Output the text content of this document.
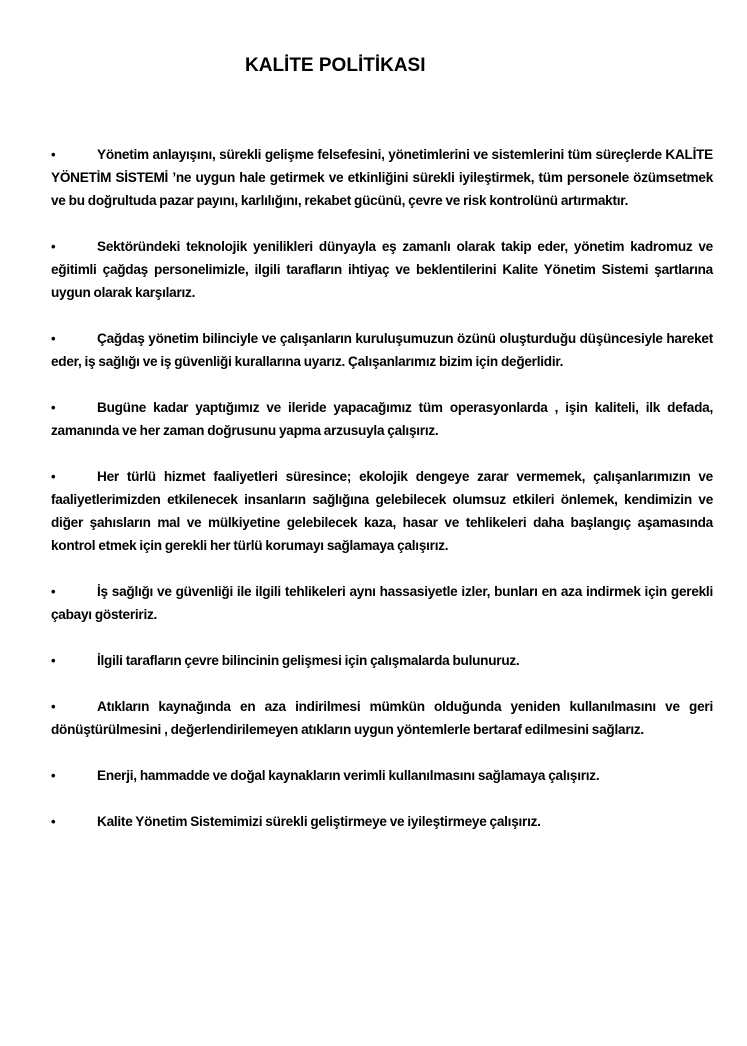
KALİTE POLİTİKASI
•	Yönetim anlayışını, sürekli gelişme felsefesini, yönetimlerini ve sistemlerini tüm süreçlerde KALİTE YÖNETİM SİSTEMİ ’ne uygun hale getirmek ve etkinliğini sürekli iyileştirmek, tüm personele özümsetmek ve bu doğrultuda pazar payını, karlılığını, rekabet gücünü, çevre ve risk kontrolünü artırmaktır.
•	Sektöründeki teknolojik yenilikleri dünyayla eş zamanlı olarak takip eder, yönetim kadromuz ve eğitimli çağdaş personelimizle, ilgili tarafların ihtiyaç ve beklentilerini Kalite Yönetim Sistemi şartlarına uygun olarak karşılarız.
•	Çağdaş yönetim bilinciyle ve çalışanların kuruluşumuzun özünü oluşturduğu düşüncesiyle hareket eder, iş sağlığı ve iş güvenliği kurallarına uyarız. Çalışanlarımız bizim için değerlidir.
•	Bugüne kadar yaptığımız ve ileride yapacağımız tüm operasyonlarda , işin kaliteli, ilk defada, zamanında ve her zaman doğrusunu yapma arzusuyla çalışırız.
•	Her türlü hizmet faaliyetleri süresince; ekolojik dengeye zarar vermemek, çalışanlarımızın ve faaliyetlerimizden etkilenecek insanların sağlığına gelebilecek olumsuz etkileri önlemek, kendimizin ve diğer şahısların mal ve mülkiyetine gelebilecek kaza, hasar ve tehlikeleri daha başlangıç aşamasında kontrol etmek için gerekli her türlü korumayı sağlamaya çalışırız.
•	İş sağlığı ve güvenliği ile ilgili tehlikeleri aynı hassasiyetle izler, bunları en aza indirmek için gerekli çabayı gösteririz.
•	İlgili tarafların çevre bilincinin gelişmesi için çalışmalarda bulunuruz.
•	Atıkların kaynağında en aza indirilmesi mümkün olduğunda yeniden kullanılmasını ve geri dönüştürülmesini , değerlendirilemeyen atıkların uygun yöntemlerle bertaraf edilmesini sağlarız.
•	Enerji, hammadde ve doğal kaynakların verimli kullanılmasını sağlamaya çalışırız.
•	Kalite Yönetim Sistemimizi sürekli geliştirmeye ve iyileştirmeye çalışırız.
